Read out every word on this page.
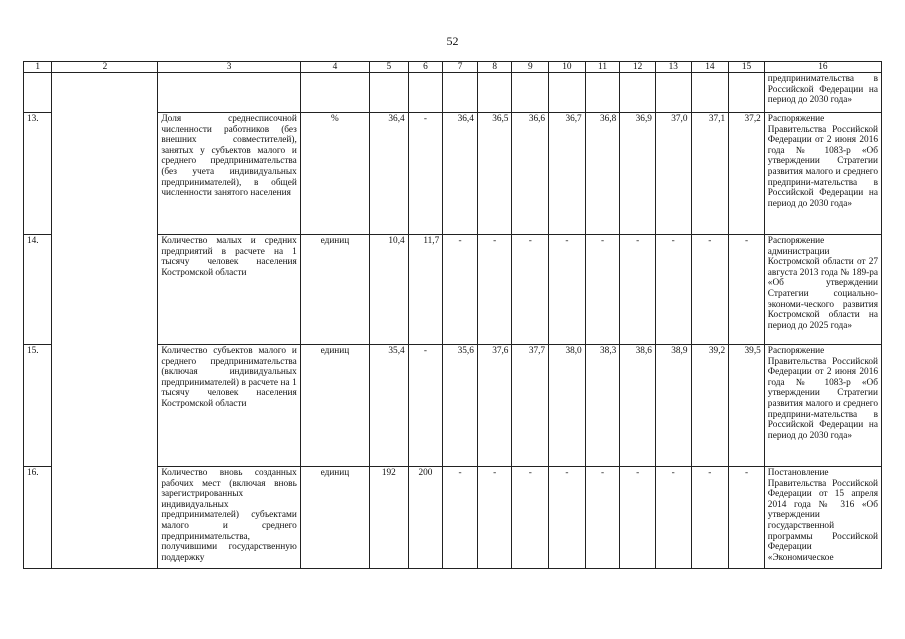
52
1	2	3	4	5	6	7	8	9	10	11	12	13	14	15	16
															предпринимательства в Российской Федерации на период до 2030 года»
13.		Доля среднесписочной численности работников (без внешних совместителей), занятых у субъектов малого и среднего предпринимательства (без учета индивидуальных предпринимателей), в общей численности занятого населения	%	36,4	-	36,4	36,5	36,6	36,7	36,8	36,9	37,0	37,1	37,2	Распоряжение Правительства Российской Федерации от 2 июня 2016 года № 1083-р «Об утверждении Стратегии развития малого и среднего предприни-мательства в Российской Федерации на период до 2030 года»
14.		Количество малых и средних предприятий в расчете на 1 тысячу человек населения Костромской области	единиц	10,4	11,7	-	-	-	-	-	-	-	-	-	Распоряжение администрации Костромской области от 27 августа 2013 года № 189-ра «Об утверждении Стратегии социально-экономи-ческого развития Костромской области на период до 2025 года»
15.		Количество субъектов малого и среднего предпринимательства (включая индивидуальных предпринимателей) в расчете на 1 тысячу человек населения Костромской области	единиц	35,4	-	35,6	37,6	37,7	38,0	38,3	38,6	38,9	39,2	39,5	Распоряжение Правительства Российской Федерации от 2 июня 2016 года № 1083-р «Об утверждении Стратегии развития малого и среднего предприни-мательства в Российской Федерации на период до 2030 года»
16.		Количество вновь созданных рабочих мест (включая вновь зарегистрированных индивидуальных предпринимателей) субъектами малого и среднего предпринимательства, получившими государственную поддержку	единиц	192	200	-	-	-	-	-	-	-	-	-	Постановление Правительства Российской Федерации от 15 апреля 2014 года № 316 «Об утверждении государственной программы Российской Федерации «Экономическое
